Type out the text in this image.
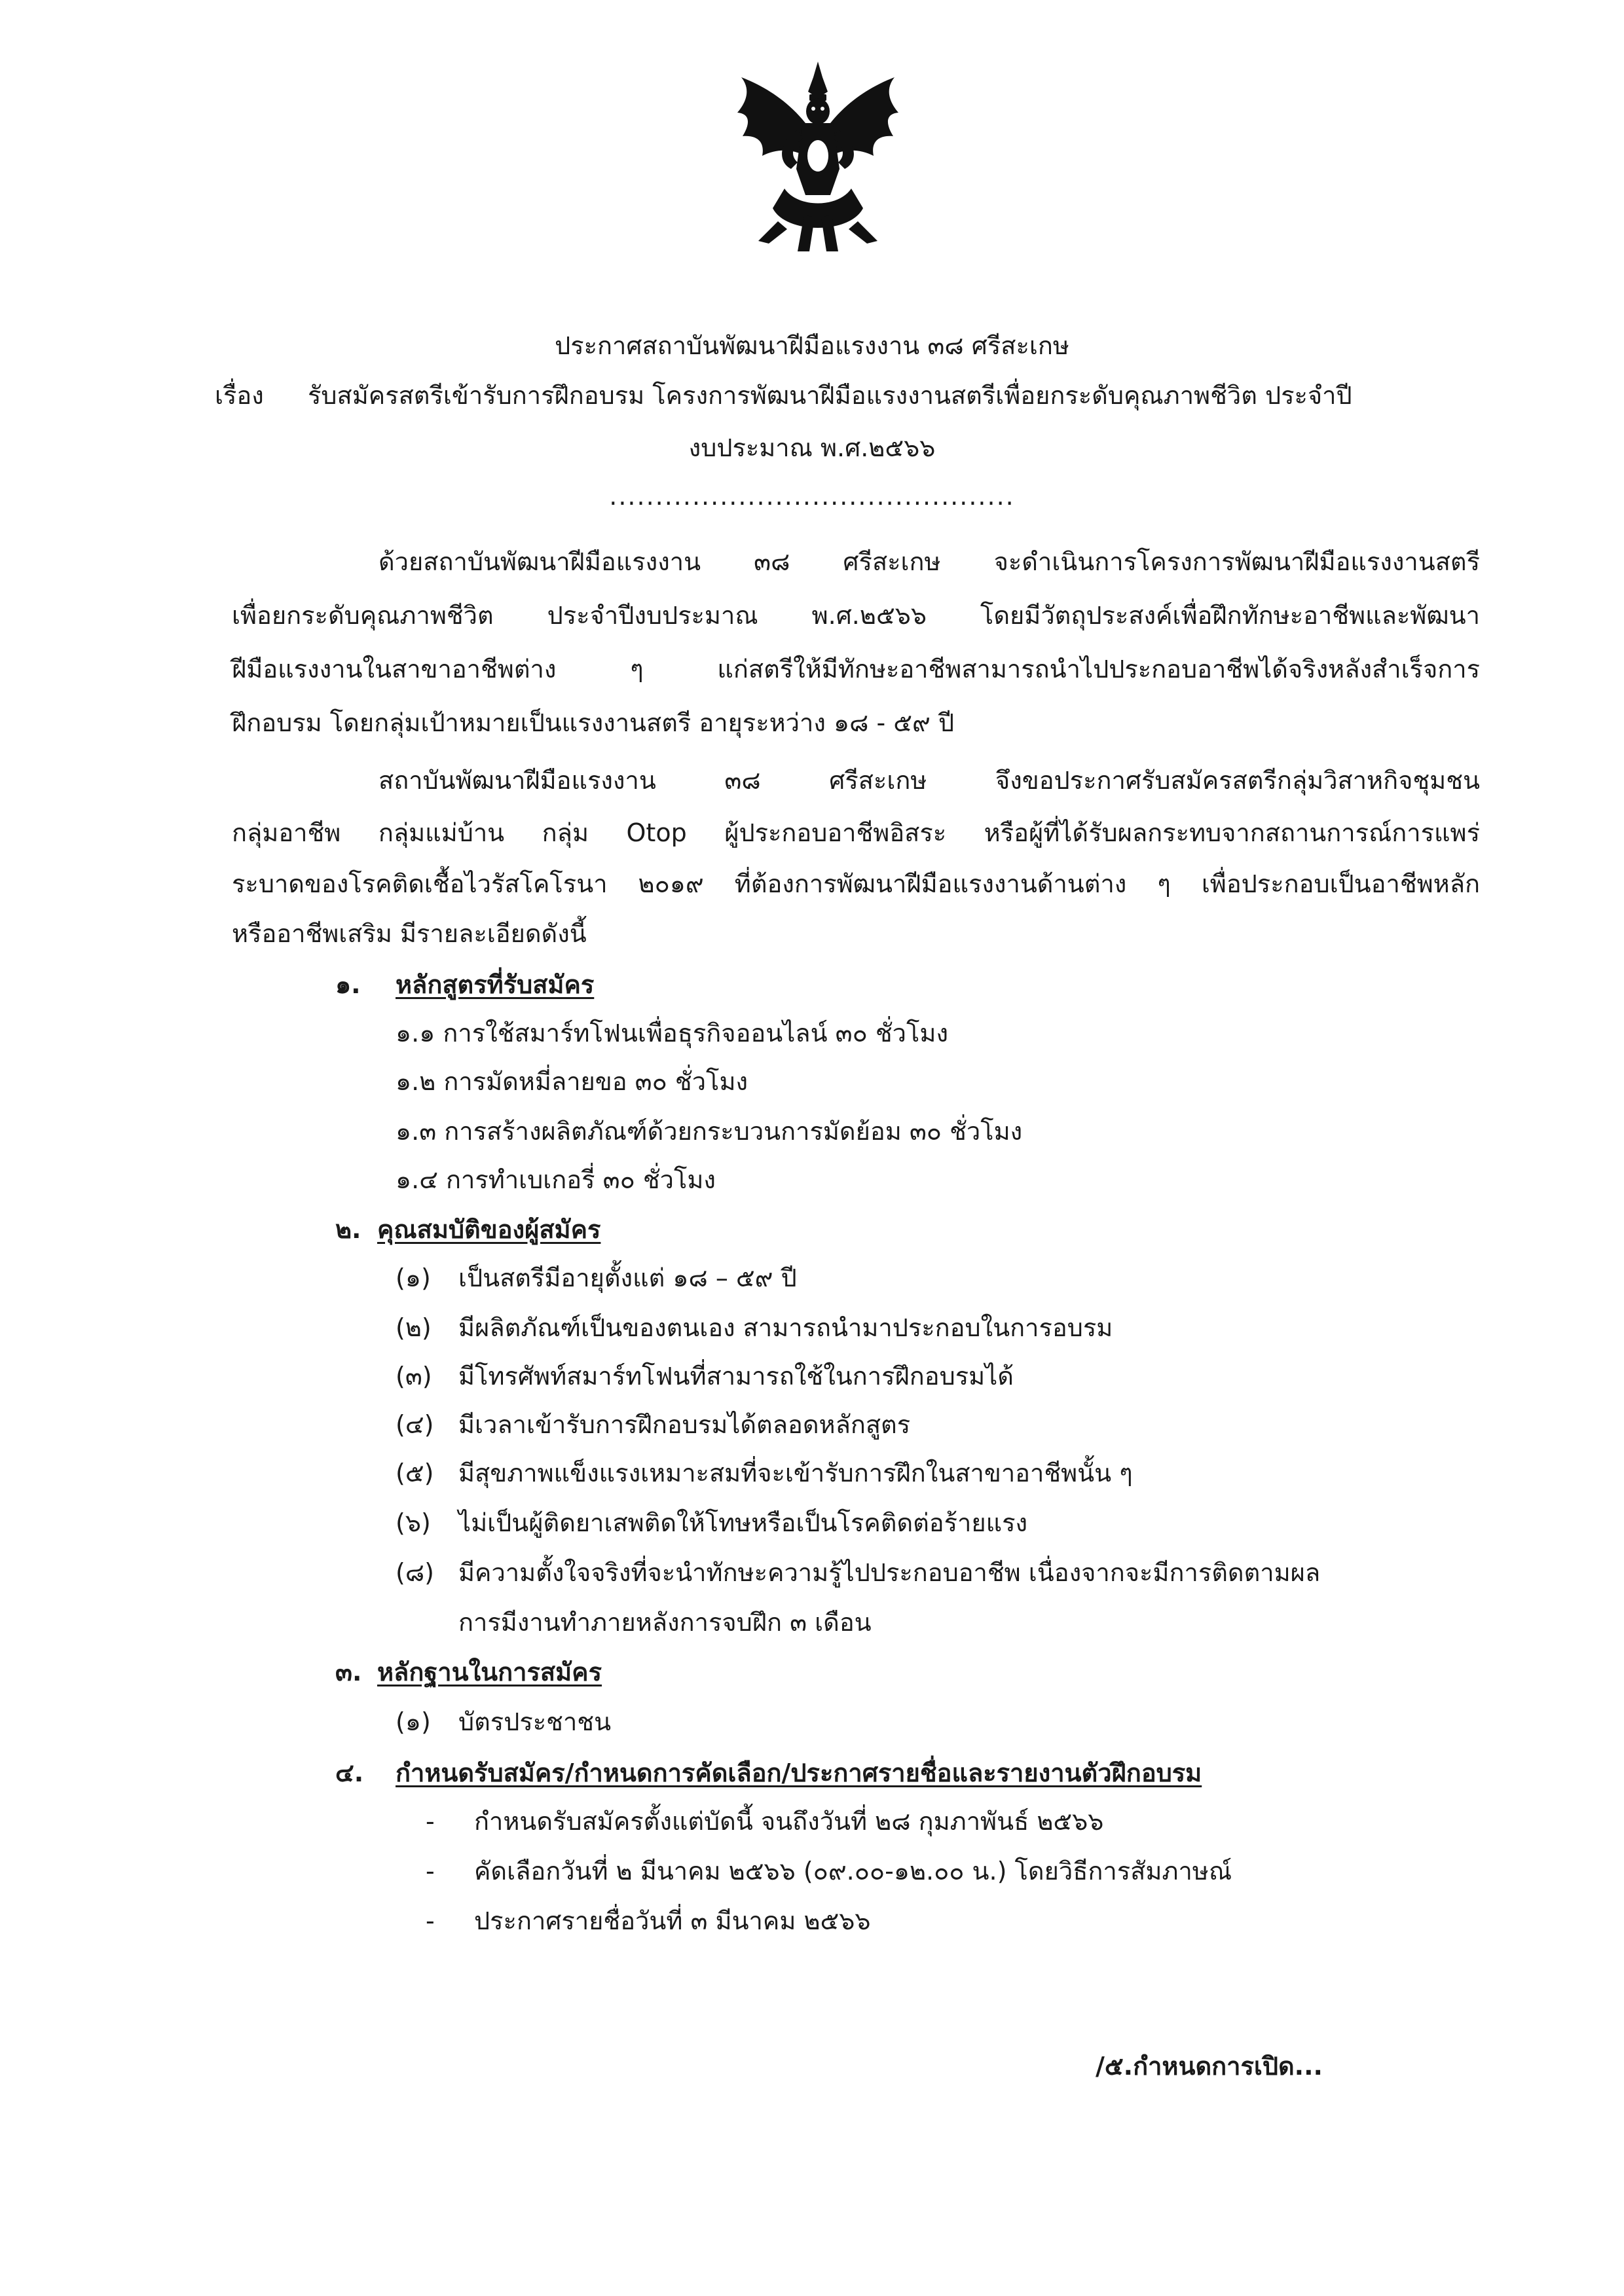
ประกาศสถาบันพัฒนาฝีมือแรงงาน ๓๘ ศรีสะเกษ
เรื่อง รับสมัครสตรีเข้ารับการฝึกอบรม โครงการพัฒนาฝีมือแรงงานสตรีเพื่อยกระดับคุณภาพชีวิต ประจำปี
งบประมาณ พ.ศ.๒๕๖๖
............................................
ด้วยสถาบันพัฒนาฝีมือแรงงาน ๓๘ ศรีสะเกษ จะดำเนินการโครงการพัฒนาฝีมือแรงงานสตรี
เพื่อยกระดับคุณภาพชีวิต ประจำปีงบประมาณ พ.ศ.๒๕๖๖ โดยมีวัตถุประสงค์เพื่อฝึกทักษะอาชีพและพัฒนา
ฝีมือแรงงานในสาขาอาชีพต่าง ๆ แก่สตรีให้มีทักษะอาชีพสามารถนำไปประกอบอาชีพได้จริงหลังสำเร็จการ
ฝึกอบรม โดยกลุ่มเป้าหมายเป็นแรงงานสตรี อายุระหว่าง ๑๘ - ๕๙ ปี
สถาบันพัฒนาฝีมือแรงงาน ๓๘ ศรีสะเกษ จึงขอประกาศรับสมัครสตรีกลุ่มวิสาหกิจชุมชน
กลุ่มอาชีพ กลุ่มแม่บ้าน กลุ่ม Otop ผู้ประกอบอาชีพอิสระ หรือผู้ที่ได้รับผลกระทบจากสถานการณ์การแพร่
ระบาดของโรคติดเชื้อไวรัสโคโรนา ๒๐๑๙ ที่ต้องการพัฒนาฝีมือแรงงานด้านต่าง ๆ เพื่อประกอบเป็นอาชีพหลัก
หรืออาชีพเสริม มีรายละเอียดดังนี้
๑. หลักสูตรที่รับสมัคร
๑.๑ การใช้สมาร์ทโฟนเพื่อธุรกิจออนไลน์ ๓๐ ชั่วโมง
๑.๒ การมัดหมี่ลายขอ ๓๐ ชั่วโมง
๑.๓ การสร้างผลิตภัณฑ์ด้วยกระบวนการมัดย้อม ๓๐ ชั่วโมง
๑.๔ การทำเบเกอรี่ ๓๐ ชั่วโมง
๒. คุณสมบัติของผู้สมัคร
(๑) เป็นสตรีมีอายุตั้งแต่ ๑๘ – ๕๙ ปี
(๒) มีผลิตภัณฑ์เป็นของตนเอง สามารถนำมาประกอบในการอบรม
(๓) มีโทรศัพท์สมาร์ทโฟนที่สามารถใช้ในการฝึกอบรมได้
(๔) มีเวลาเข้ารับการฝึกอบรมได้ตลอดหลักสูตร
(๕) มีสุขภาพแข็งแรงเหมาะสมที่จะเข้ารับการฝึกในสาขาอาชีพนั้น ๆ
(๖) ไม่เป็นผู้ติดยาเสพติดให้โทษหรือเป็นโรคติดต่อร้ายแรง
(๘) มีความตั้งใจจริงที่จะนำทักษะความรู้ไปประกอบอาชีพ เนื่องจากจะมีการติดตามผล
การมีงานทำภายหลังการจบฝึก ๓ เดือน
๓. หลักฐานในการสมัคร
(๑) บัตรประชาชน
๔. กำหนดรับสมัคร/กำหนดการคัดเลือก/ประกาศรายชื่อและรายงานตัวฝึกอบรม
- กำหนดรับสมัครตั้งแต่บัดนี้ จนถึงวันที่ ๒๘ กุมภาพันธ์ ๒๕๖๖
- คัดเลือกวันที่ ๒ มีนาคม ๒๕๖๖ (๐๙.๐๐-๑๒.๐๐ น.) โดยวิธีการสัมภาษณ์
- ประกาศรายชื่อวันที่ ๓ มีนาคม ๒๕๖๖
/๕.กำหนดการเปิด...
